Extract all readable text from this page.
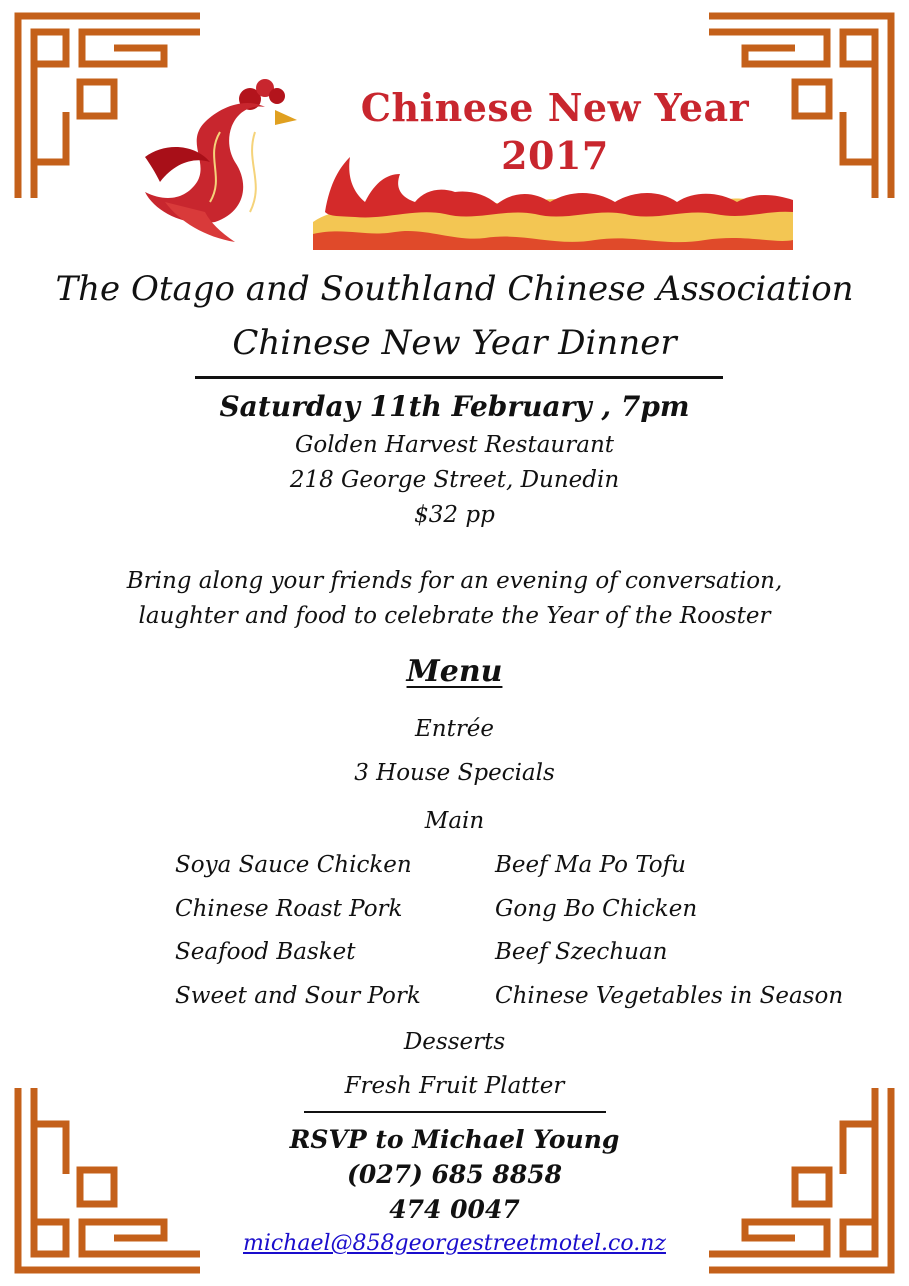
Chinese New Year
2017
The Otago and Southland Chinese Association
Chinese New Year Dinner
Saturday 11th February , 7pm
Golden Harvest Restaurant
218 George Street, Dunedin
$32 pp
Bring along your friends for an evening of conversation,
laughter and food to celebrate the Year of the Rooster
Menu
Entrée
3 House Specials
Main
Soya Sauce Chicken
Chinese Roast Pork
Seafood Basket
Sweet and Sour Pork
Beef Ma Po Tofu
Gong Bo Chicken
Beef Szechuan
Chinese Vegetables in Season
Desserts
Fresh Fruit Platter
RSVP to Michael Young
(027) 685 8858
474 0047
michael@858georgestreetmotel.co.nz
